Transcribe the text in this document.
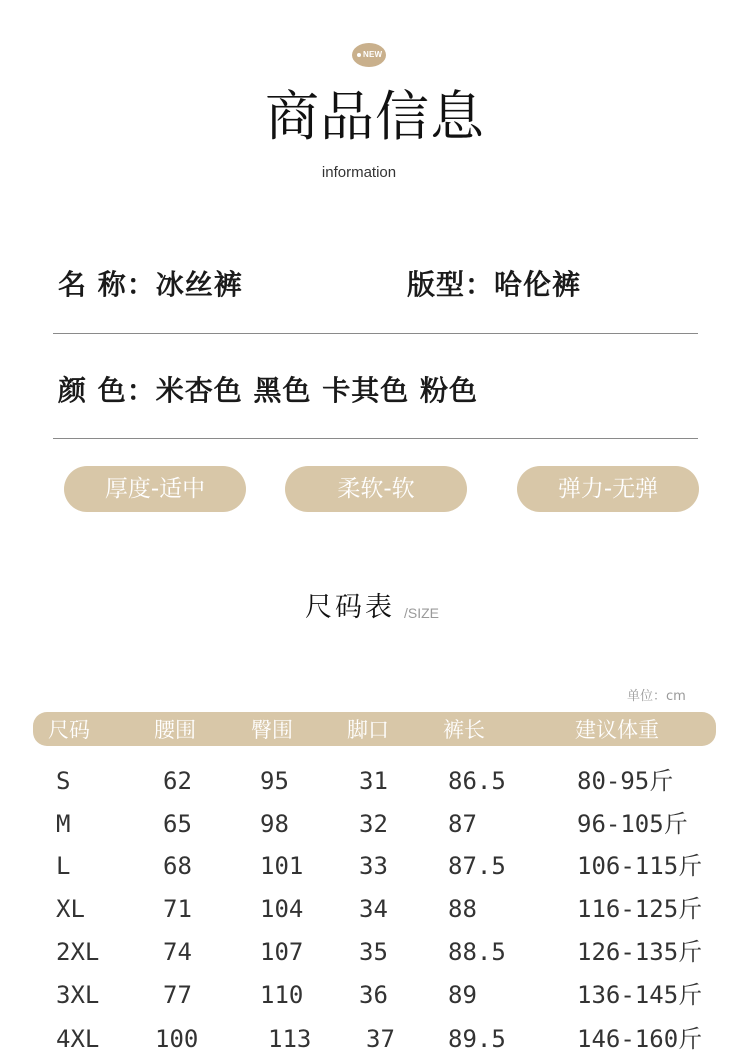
NEW
商品信息
information
名 称：冰丝裤	版型：哈伦裤
颜 色：米杏色 黑色 卡其色 粉色
厚度-适中	柔软-软	弹力-无弹
尺码表 /SIZE
单位：cm
尺码	腰围	臀围	脚口	裤长	建议体重
S	62	95	31	86.5	80-95斤
M	65	98	32	87	96-105斤
L	68	101 33	87.5	106-115斤
XL	71	104 34	88	116-125斤
2XL	74	107 35	88.5	126-135斤
3XL	77	110 36	89	136-145斤
4XL 100	113 37 89.5	146-160斤
